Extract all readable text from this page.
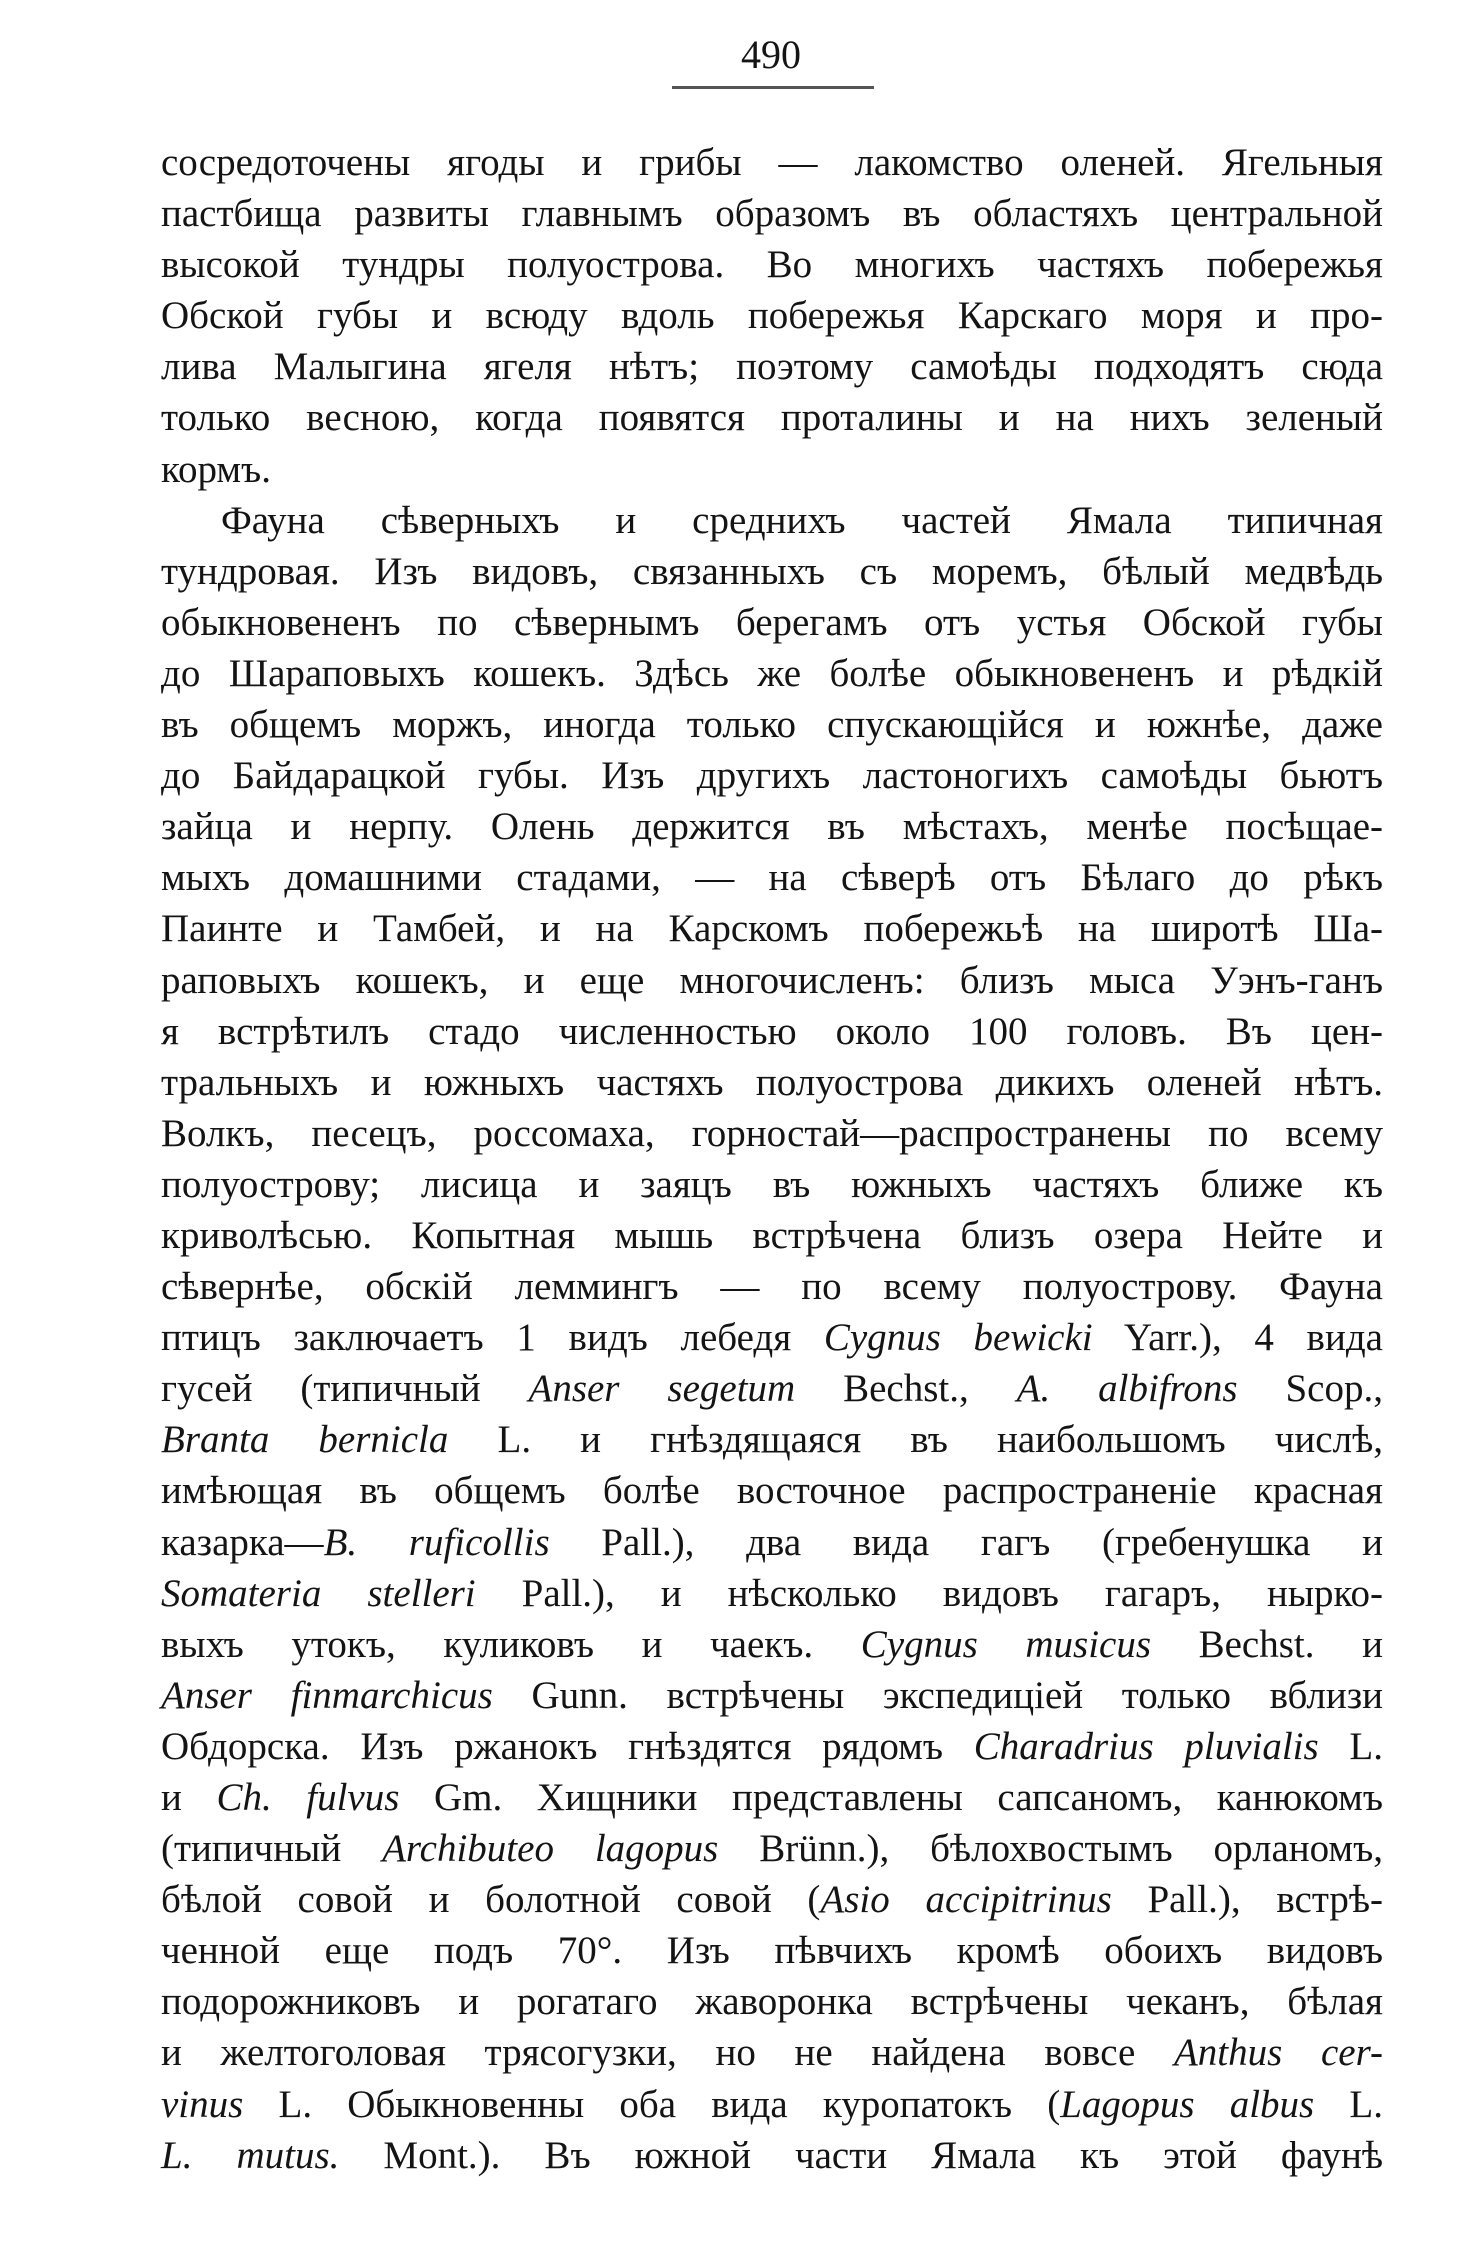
490
сосредоточены ягоды и грибы — лакомство оленей. Ягельныя
пастбища развиты главнымъ образомъ въ областяхъ центральной
высокой тундры полуострова. Во многихъ частяхъ побережья
Обской губы и всюду вдоль побережья Карскаго моря и про-
лива Малыгина ягеля нѣтъ; поэтому самоѣды подходятъ сюда
только весною, когда появятся проталины и на нихъ зеленый
кормъ.
Фауна сѣверныхъ и среднихъ частей Ямала типичная
тундровая. Изъ видовъ, связанныхъ съ моремъ, бѣлый медвѣдь
обыкновененъ по сѣвернымъ берегамъ отъ устья Обской губы
до Шараповыхъ кошекъ. Здѣсь же болѣе обыкновененъ и рѣдкій
въ общемъ моржъ, иногда только спускающійся и южнѣе, даже
до Байдарацкой губы. Изъ другихъ ластоногихъ самоѣды бьютъ
зайца и нерпу. Олень держится въ мѣстахъ, менѣе посѣщае-
мыхъ домашними стадами, — на сѣверѣ отъ Бѣлаго до рѣкъ
Паинте и Тамбей, и на Карскомъ побережьѣ на широтѣ Ша-
раповыхъ кошекъ, и еще многочисленъ: близъ мыса Уэнъ-ганъ
я встрѣтилъ стадо численностью около 100 головъ. Въ цен-
тральныхъ и южныхъ частяхъ полуострова дикихъ оленей нѣтъ.
Волкъ, песецъ, россомаха, горностай—распространены по всему
полуострову; лисица и заяцъ въ южныхъ частяхъ ближе къ
криволѣсью. Копытная мышь встрѣчена близъ озера Нейте и
сѣвернѣе, обскій леммингъ — по всему полуострову. Фауна
птицъ заключаетъ 1 видъ лебедя Cygnus bewicki Yarr.), 4 вида
гусей (типичный Anser segetum Bechst., A. albifrons Scop.,
Branta bernicla L. и гнѣздящаяся въ наибольшомъ числѣ,
имѣющая въ общемъ болѣе восточное распространеніе красная
казарка—B. ruficollis Pall.), два вида гагъ (гребенушка и
Somateria stelleri Pall.), и нѣсколько видовъ гагаръ, нырко-
выхъ утокъ, куликовъ и чаекъ. Cygnus musicus Bechst. и
Anser finmarchicus Gunn. встрѣчены экспедиціей только вблизи
Обдорска. Изъ ржанокъ гнѣздятся рядомъ Charadrius pluvialis L.
и Ch. fulvus Gm. Хищники представлены сапсаномъ, канюкомъ
(типичный Archibuteo lagopus Brünn.), бѣлохвостымъ орланомъ,
бѣлой совой и болотной совой (Asio accipitrinus Pall.), встрѣ-
ченной еще подъ 70°. Изъ пѣвчихъ кромѣ обоихъ видовъ
подорожниковъ и рогатаго жаворонка встрѣчены чеканъ, бѣлая
и желтоголовая трясогузки, но не найдена вовсе Anthus cer-
vinus L. Обыкновенны оба вида куропатокъ (Lagopus albus L.
L. mutus. Mont.). Въ южной части Ямала къ этой фаунѣ
